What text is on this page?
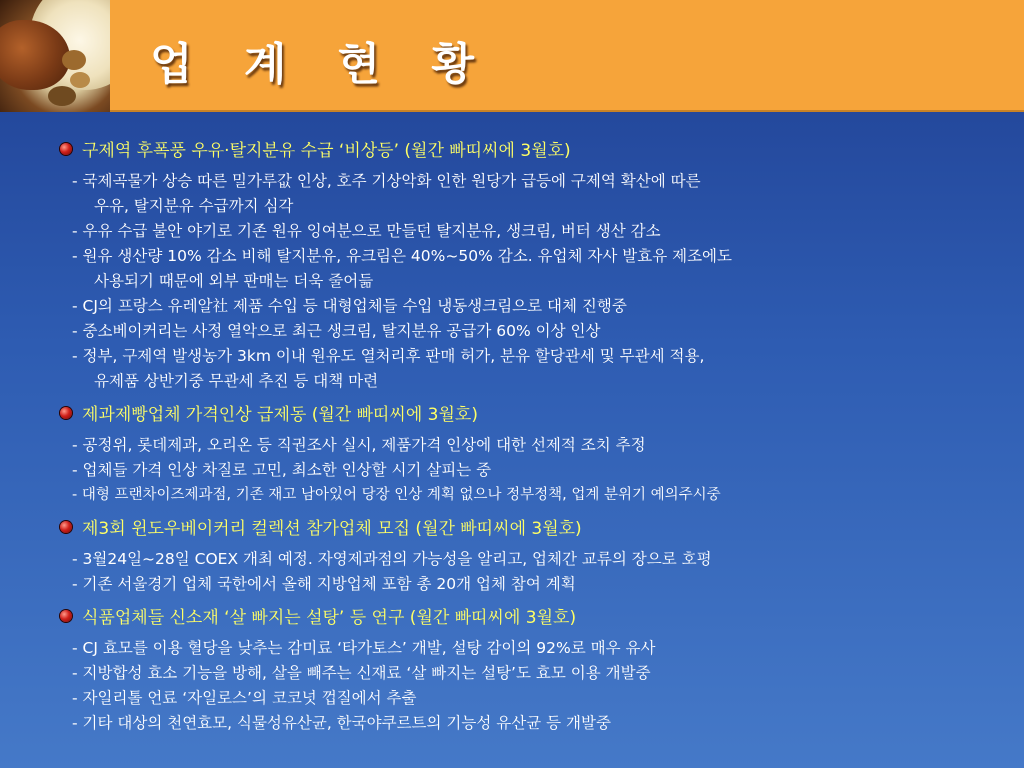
업 계 현 황
구제역 후폭풍 우유·탈지분유 수급 ‘비상등’ (월간 빠띠씨에 3월호)
- 국제곡물가 상승 따른 밀가루값 인상, 호주 기상악화 인한 원당가 급등에 구제역 확산에 따른
우유, 탈지분유 수급까지 심각
- 우유 수급 불안 야기로 기존 원유 잉여분으로 만들던 탈지분유, 생크림, 버터 생산 감소
- 원유 생산량 10% 감소 비해 탈지분유, 유크림은 40%~50% 감소. 유업체 자사 발효유 제조에도
사용되기 때문에 외부 판매는 더욱 줄어듦
- CJ의 프랑스 유레알社 제품 수입 등 대형업체들 수입 냉동생크림으로 대체 진행중
- 중소베이커리는 사정 열악으로 최근 생크림, 탈지분유 공급가 60% 이상 인상
- 정부, 구제역 발생농가 3km 이내 원유도 열처리후 판매 허가, 분유 할당관세 및 무관세 적용,
유제품 상반기중 무관세 추진 등 대책 마련
제과제빵업체 가격인상 급제동 (월간 빠띠씨에 3월호)
- 공정위, 롯데제과, 오리온 등 직권조사 실시, 제품가격 인상에 대한 선제적 조치 추정
- 업체들 가격 인상 차질로 고민, 최소한 인상할 시기 살피는 중
- 대형 프랜차이즈제과점, 기존 재고 남아있어 당장 인상 계획 없으나 정부정책, 업계 분위기 예의주시중
제3회 윈도우베이커리 컬렉션 참가업체 모집 (월간 빠띠씨에 3월호)
- 3월24일~28일 COEX 개최 예정. 자영제과점의 가능성을 알리고, 업체간 교류의 장으로 호평
- 기존 서울경기 업체 국한에서 올해 지방업체 포함 총 20개 업체 참여 계획
식품업체들 신소재 ‘살 빠지는 설탕’ 등 연구 (월간 빠띠씨에 3월호)
- CJ 효모를 이용 혈당을 낮추는 감미료 ‘타가토스’ 개발, 설탕 감이의 92%로 매우 유사
- 지방합성 효소 기능을 방해, 살을 빼주는 신재료 ‘살 빠지는 설탕’도 효모 이용 개발중
- 자일리톨 언료 ‘자일로스’의 코코넛 껍질에서 추출
- 기타 대상의 천연효모, 식물성유산균, 한국야쿠르트의 기능성 유산균 등 개발중
